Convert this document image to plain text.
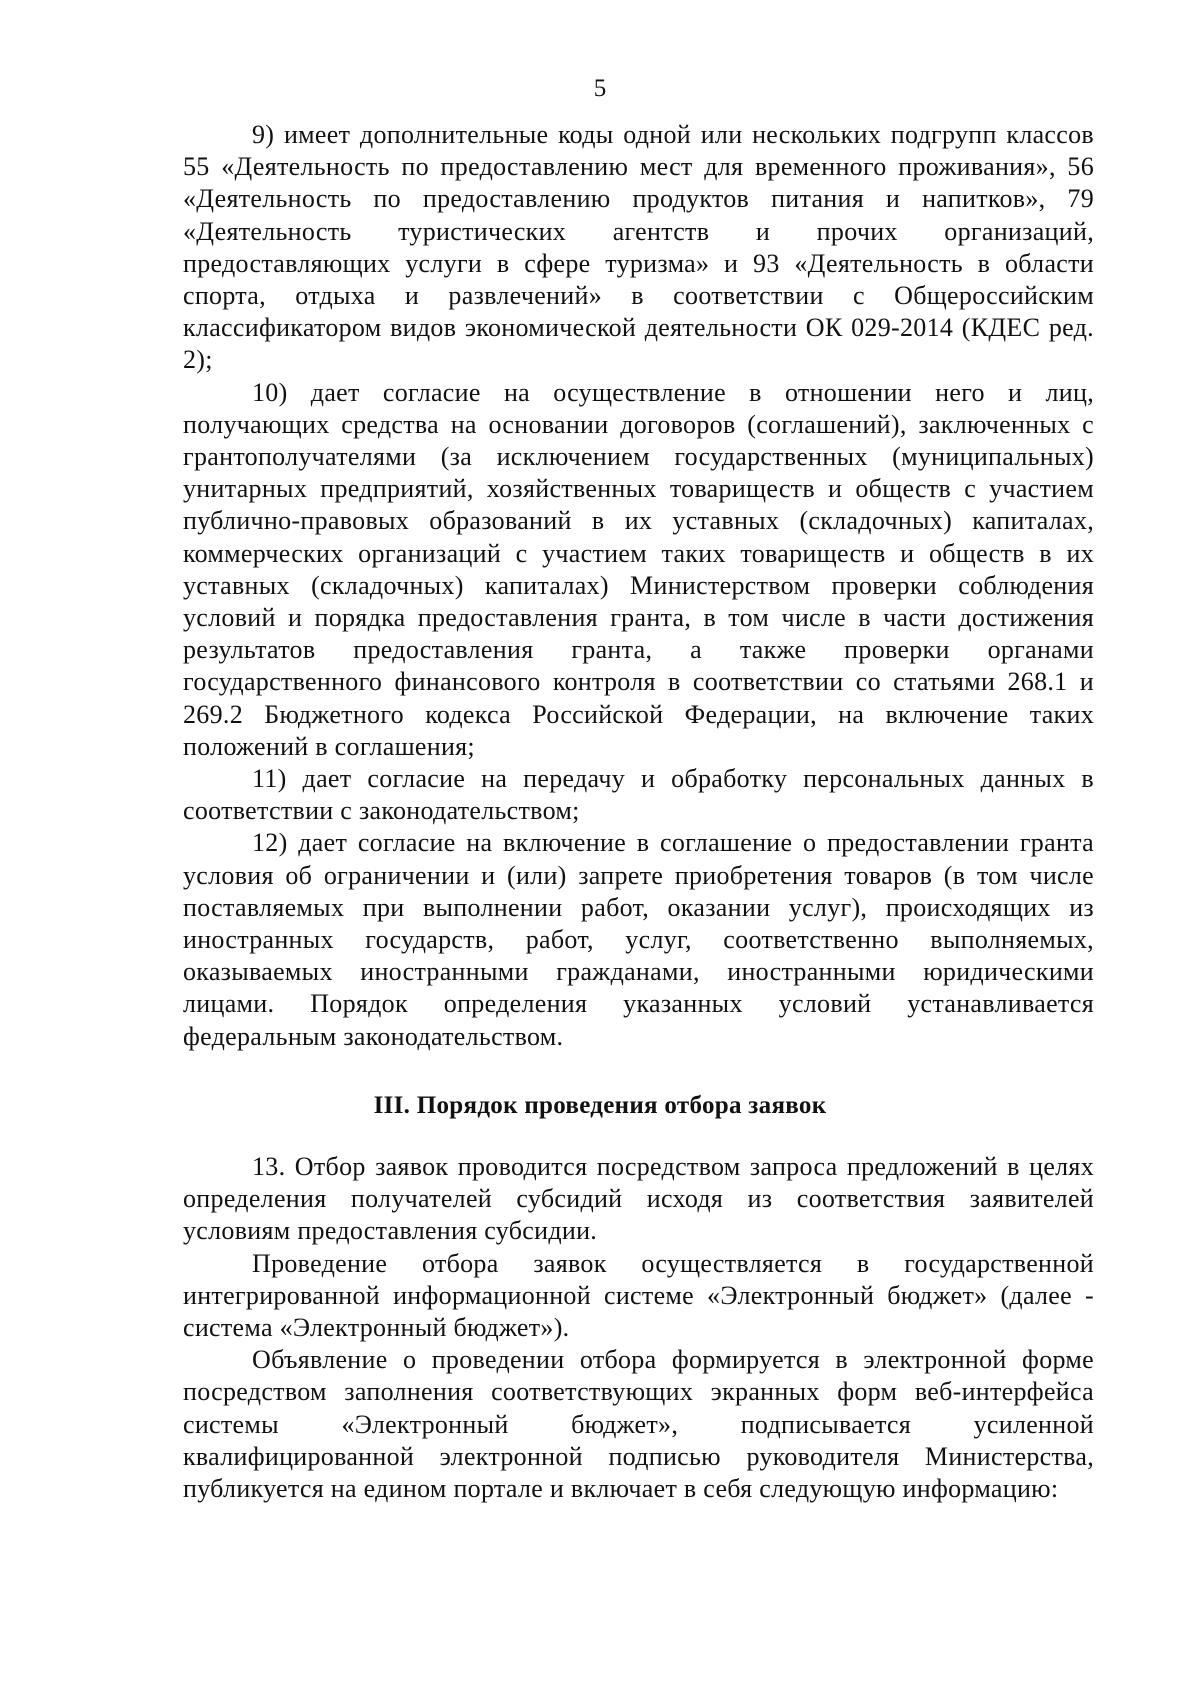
5

9) имеет дополнительные коды одной или нескольких подгрупп классов 55 «Деятельность по предоставлению мест для временного проживания», 56 «Деятельность по предоставлению продуктов питания и напитков», 79 «Деятельность туристических агентств и прочих организаций, предоставляющих услуги в сфере туризма» и 93 «Деятельность в области спорта, отдыха и развлечений» в соответствии с Общероссийским классификатором видов экономической деятельности ОК 029-2014 (КДЕС ред. 2);

10) дает согласие на осуществление в отношении него и лиц, получающих средства на основании договоров (соглашений), заключенных с грантополучателями (за исключением государственных (муниципальных) унитарных предприятий, хозяйственных товариществ и обществ с участием публично-правовых образований в их уставных (складочных) капиталах, коммерческих организаций с участием таких товариществ и обществ в их уставных (складочных) капиталах) Министерством проверки соблюдения условий и порядка предоставления гранта, в том числе в части достижения результатов предоставления гранта, а также проверки органами государственного финансового контроля в соответствии со статьями 268.1 и 269.2 Бюджетного кодекса Российской Федерации, на включение таких положений в соглашения;

11) дает согласие на передачу и обработку персональных данных в соответствии с законодательством;

12) дает согласие на включение в соглашение о предоставлении гранта условия об ограничении и (или) запрете приобретения товаров (в том числе поставляемых при выполнении работ, оказании услуг), происходящих из иностранных государств, работ, услуг, соответственно выполняемых, оказываемых иностранными гражданами, иностранными юридическими лицами. Порядок определения указанных условий устанавливается федеральным законодательством.

III. Порядок проведения отбора заявок

13. Отбор заявок проводится посредством запроса предложений в целях определения получателей субсидий исходя из соответствия заявителей условиям предоставления субсидии.

Проведение отбора заявок осуществляется в государственной интегрированной информационной системе «Электронный бюджет» (далее - система «Электронный бюджет»).

Объявление о проведении отбора формируется в электронной форме посредством заполнения соответствующих экранных форм веб-интерфейса системы «Электронный бюджет», подписывается усиленной квалифицированной электронной подписью руководителя Министерства, публикуется на едином портале и включает в себя следующую информацию:
